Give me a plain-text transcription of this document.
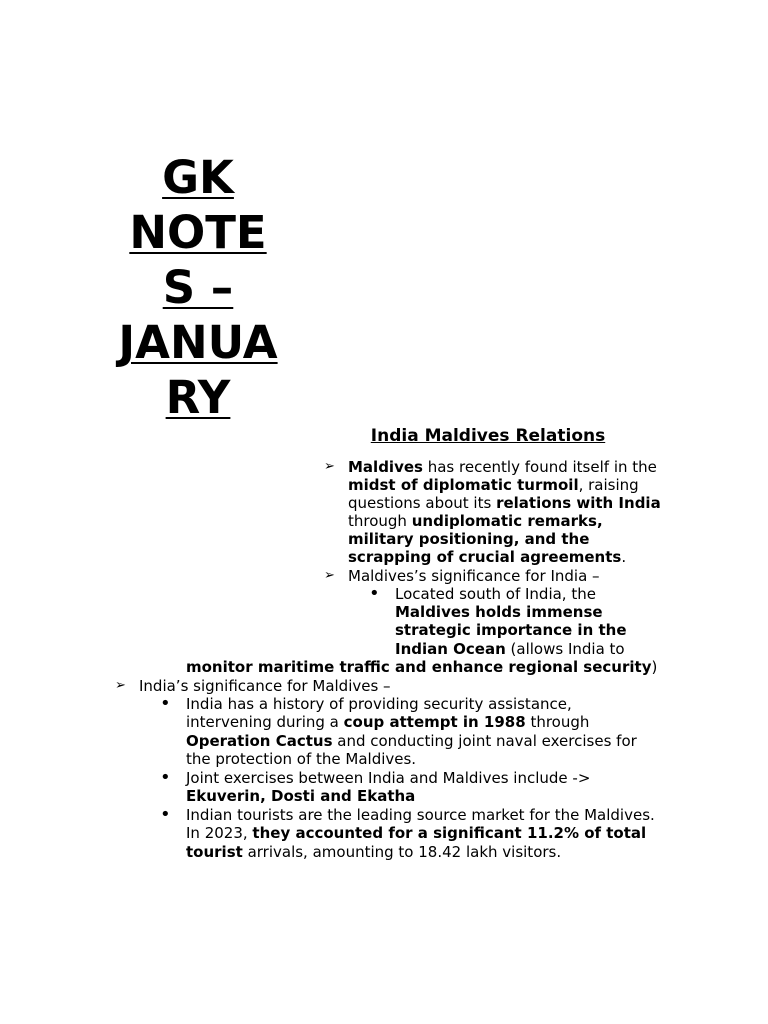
GK
NOTE
S –
JANUA
RY
India Maldives Relations
➢ Maldives has recently found itself in the
midst of diplomatic turmoil, raising
questions about its relations with India
through undiplomatic remarks,
military positioning, and the
scrapping of crucial agreements.
➢ Maldives’s significance for India –
• Located south of India, the
Maldives holds immense
strategic importance in the
Indian Ocean (allows India to
monitor maritime traffic and enhance regional security)
➢ India’s significance for Maldives –
• India has a history of providing security assistance,
intervening during a coup attempt in 1988 through
Operation Cactus and conducting joint naval exercises for
the protection of the Maldives.
• Joint exercises between India and Maldives include ->
Ekuverin, Dosti and Ekatha
• Indian tourists are the leading source market for the Maldives.
In 2023, they accounted for a significant 11.2% of total
tourist arrivals, amounting to 18.42 lakh visitors.
